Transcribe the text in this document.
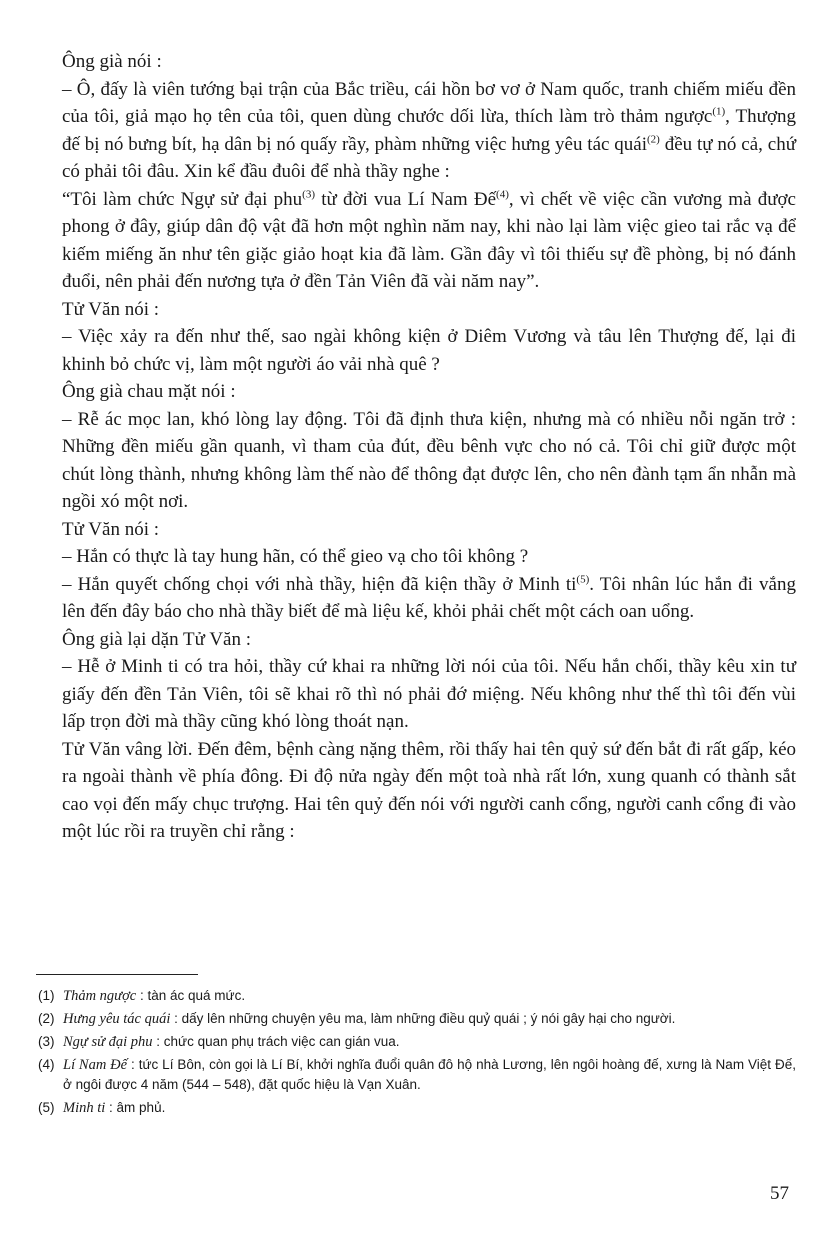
Ông già nói :

– Ô, đấy là viên tướng bại trận của Bắc triều, cái hồn bơ vơ ở Nam quốc, tranh chiếm miếu đền của tôi, giả mạo họ tên của tôi, quen dùng chước dối lừa, thích làm trò thảm ngược$^{(1)}$, Thượng đế bị nó bưng bít, hạ dân bị nó quấy rầy, phàm những việc hưng yêu tác quái$^{(2)}$ đều tự nó cả, chứ có phải tôi đâu. Xin kể đầu đuôi để nhà thầy nghe :

“Tôi làm chức Ngự sử đại phu$^{(3)}$ từ đời vua Lí Nam Đế$^{(4)}$, vì chết về việc cần vương mà được phong ở đây, giúp dân độ vật đã hơn một nghìn năm nay, khi nào lại làm việc gieo tai rắc vạ để kiếm miếng ăn như tên giặc giảo hoạt kia đã làm. Gần đây vì tôi thiếu sự đề phòng, bị nó đánh đuổi, nên phải đến nương tựa ở đền Tản Viên đã vài năm nay”.

Tử Văn nói :

– Việc xảy ra đến như thế, sao ngài không kiện ở Diêm Vương và tâu lên Thượng đế, lại đi khinh bỏ chức vị, làm một người áo vải nhà quê ?

Ông già chau mặt nói :

– Rễ ác mọc lan, khó lòng lay động. Tôi đã định thưa kiện, nhưng mà có nhiều nỗi ngăn trở : Những đền miếu gần quanh, vì tham của đút, đều bênh vực cho nó cả. Tôi chỉ giữ được một chút lòng thành, nhưng không làm thế nào để thông đạt được lên, cho nên đành tạm ẩn nhẫn mà ngồi xó một nơi.

Tử Văn nói :

– Hắn có thực là tay hung hãn, có thể gieo vạ cho tôi không ?

– Hắn quyết chống chọi với nhà thầy, hiện đã kiện thầy ở Minh $ti^{(5)}$. Tôi nhân lúc hắn đi vắng lên đến đây báo cho nhà thầy biết để mà liệu kế, khỏi phải chết một cách oan uổng.

Ông già lại dặn Tử Văn :

– Hễ ở Minh ti có tra hỏi, thầy cứ khai ra những lời nói của tôi. Nếu hắn chối, thầy kêu xin tư giấy đến đền Tản Viên, tôi sẽ khai rõ thì nó phải đớ miệng. Nếu không như thế thì tôi đến vùi lấp trọn đời mà thầy cũng khó lòng thoát nạn.

Tử Văn vâng lời. Đến đêm, bệnh càng nặng thêm, rồi thấy hai tên quỷ sứ đến bắt đi rất gấp, kéo ra ngoài thành về phía đông. Đi độ nửa ngày đến một toà nhà rất lớn, xung quanh có thành sắt cao vọi đến mấy chục trượng. Hai tên quỷ đến nói với người canh cổng, người canh cổng đi vào một lúc rồi ra truyền chỉ rằng :

(1) Thảm ngược : tàn ác quá mức.
(2) Hưng yêu tác quái : dấy lên những chuyện yêu ma, làm những điều quỷ quái ; ý nói gây hại cho người.
(3) Ngự sử đại phu : chức quan phụ trách việc can gián vua.
(4) Lí Nam Đế : tức Lí Bôn, còn gọi là Lí Bí, khởi nghĩa đuổi quân đô hộ nhà Lương, lên ngôi hoàng đế, xưng là Nam Việt Đế, ở ngôi được 4 năm (544 – 548), đặt quốc hiệu là Vạn Xuân.
(5) Minh ti : âm phủ.
57
